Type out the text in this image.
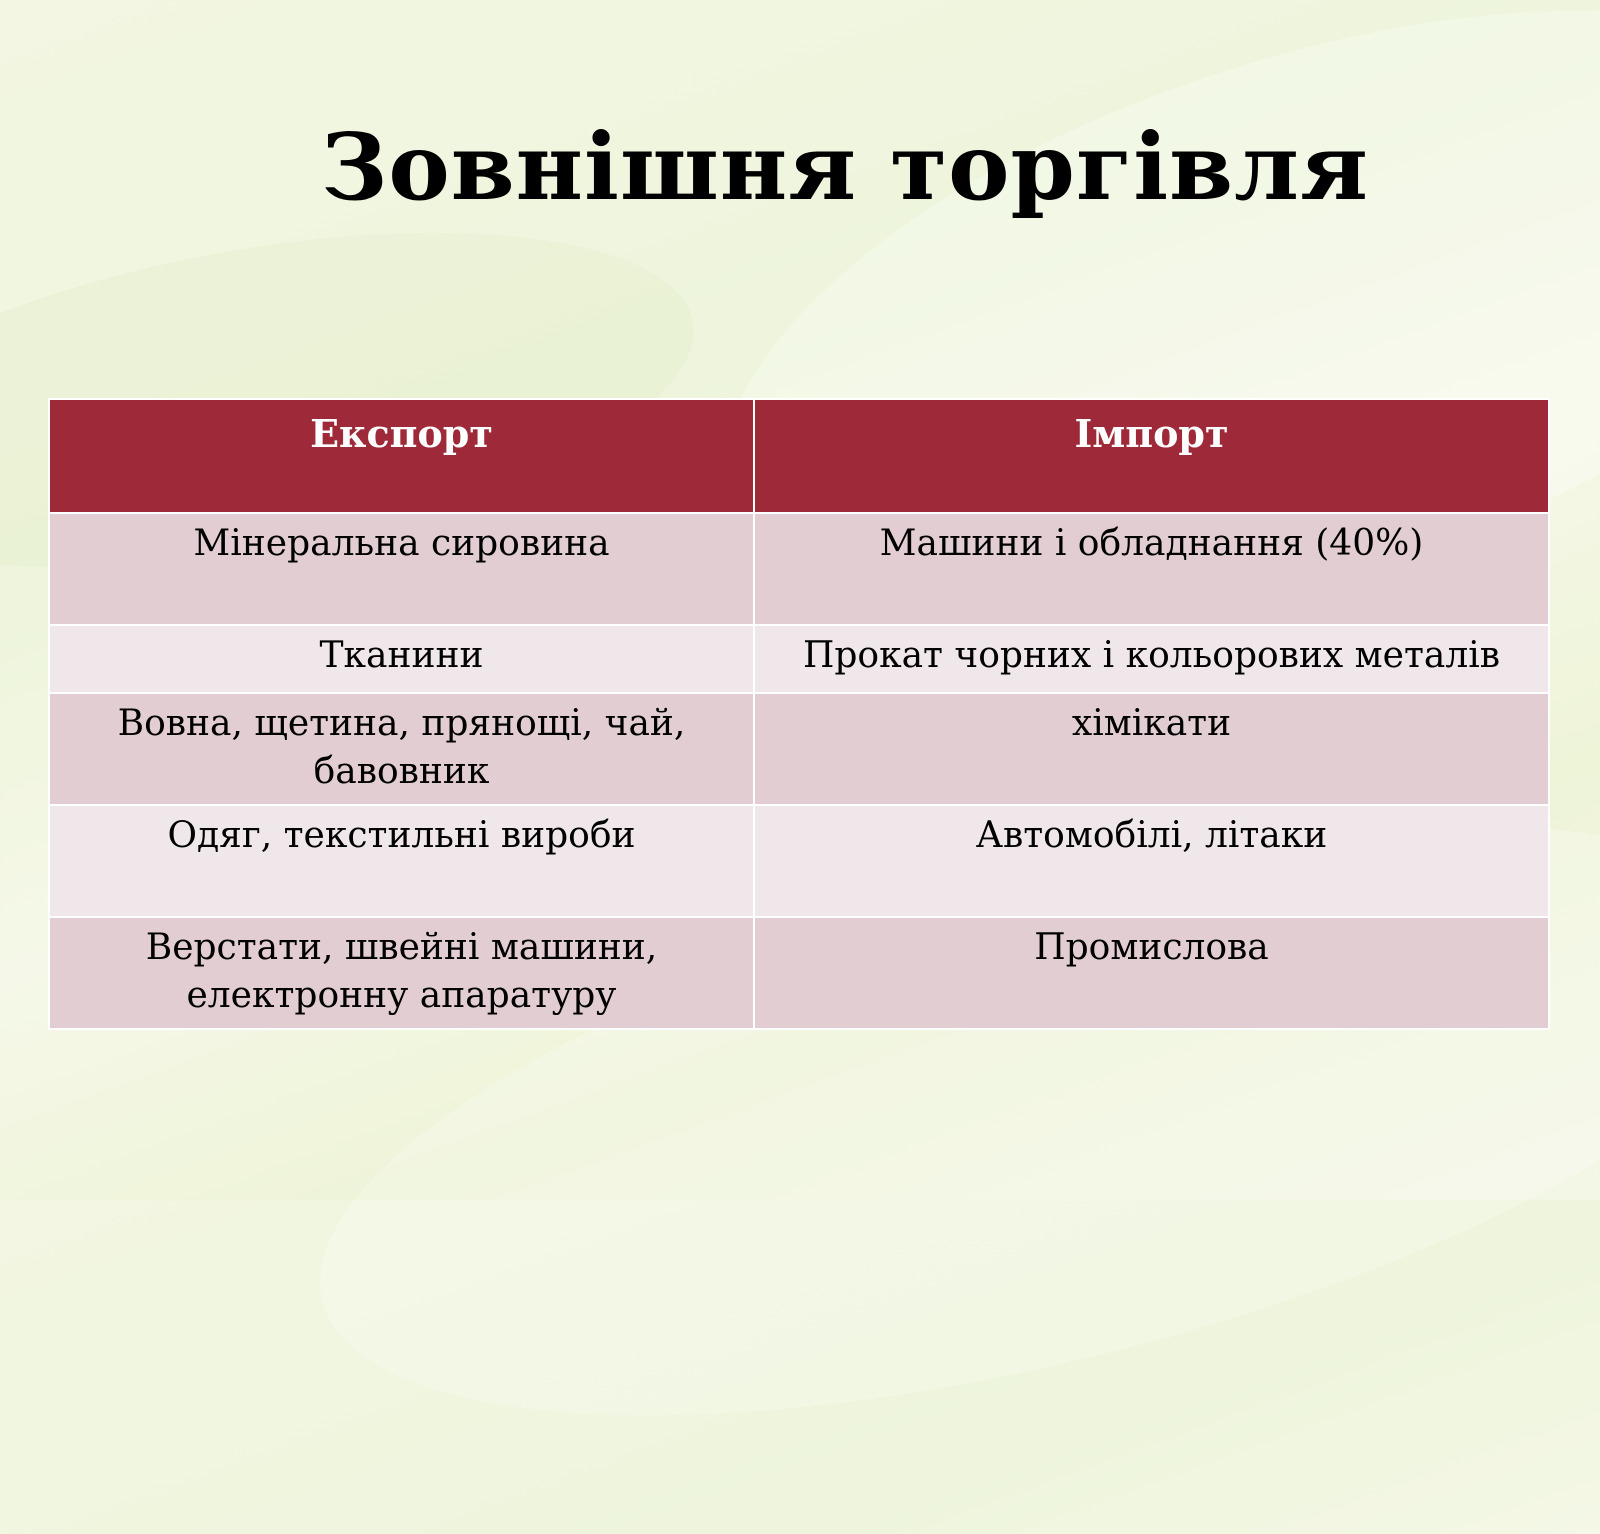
Зовнішня торгівля
Експорт	Імпорт
Мінеральна сировина	Машини і обладнання (40%)
Тканини	Прокат чорних і кольорових металів
Вовна, щетина, прянощі, чай, бавовник	хімікати
Одяг, текстильні вироби	Автомобілі, літаки
Верстати, швейні машини, електронну апаратуру	Промислова
